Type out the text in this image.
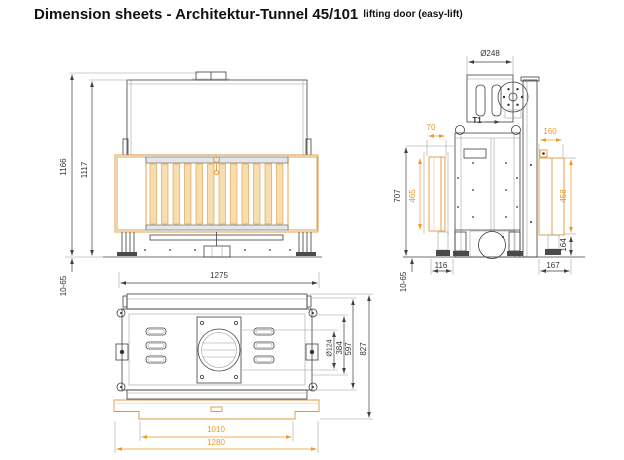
Dimension sheets - Architektur-Tunnel 45/101 lifting door (easy-lift)
1166 1117
10-65
1275
Ø248
T1
70	160
707 465	458
164
116	167
10-65
Ø124 384 597 827
1010
1280
